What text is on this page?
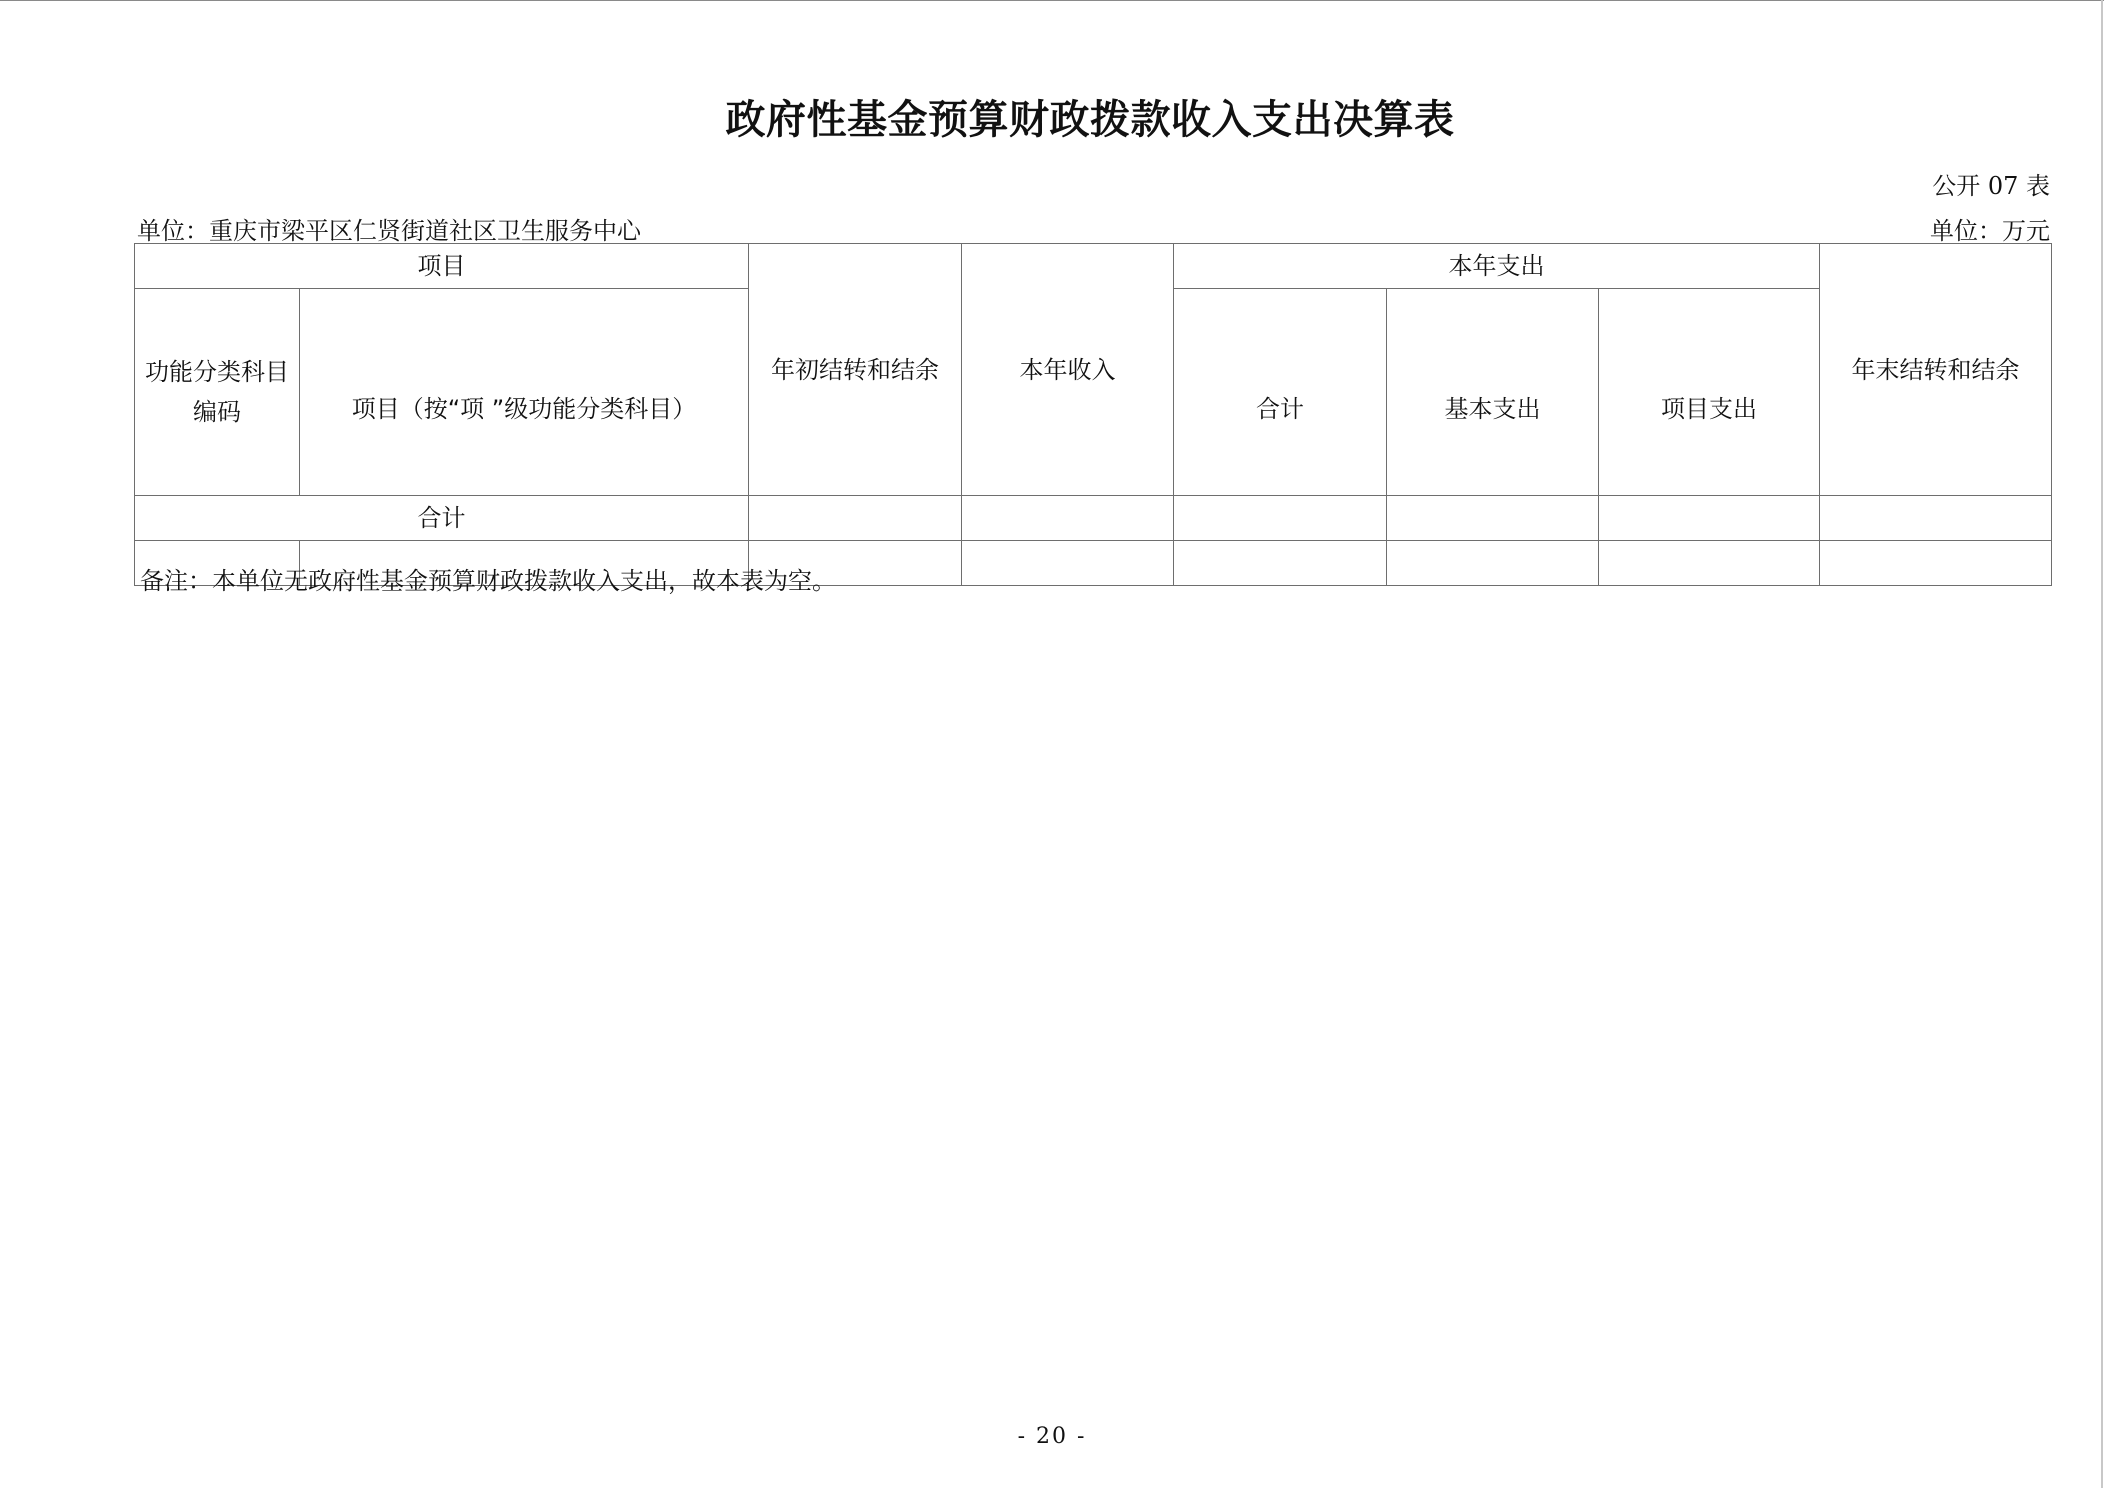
政府性基金预算财政拨款收入支出决算表
公开 07 表
单位：重庆市梁平区仁贤街道社区卫生服务中心	单位：万元
项目		年初结转和结余	本年收入	本年支出			年末结转和结余
功能分类科目编码	项目（按“项 ”级功能分类科目）			合计	基本支出	项目支出	
合计							

备注：本单位无政府性基金预算财政拨款收入支出，故本表为空。
- 20 -
